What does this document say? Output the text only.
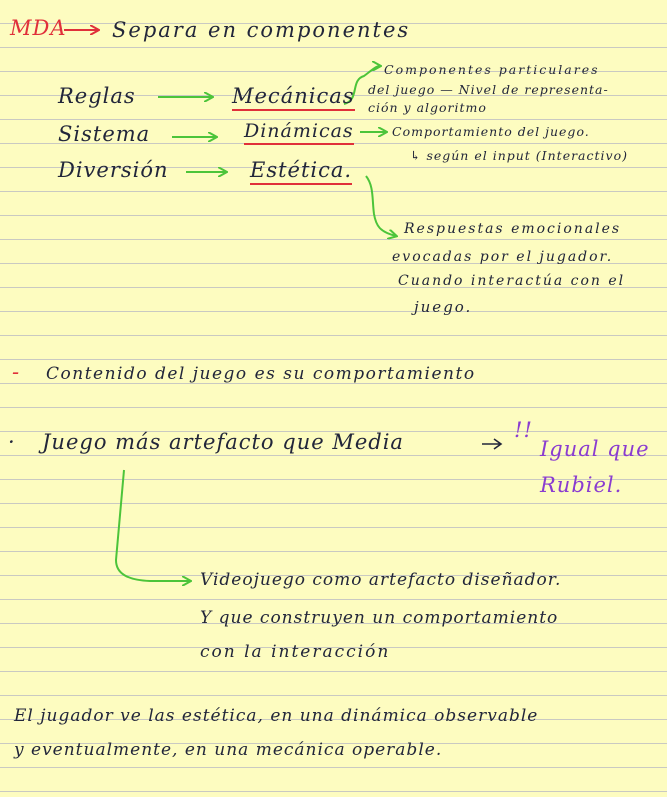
MDA Separa en componentes
Reglas
Sistema
Diversión
Mecánicas
Dinámicas
Estética.
Componentes particulares
del juego — Nivel de representa-
ción y algoritmo
Comportamiento del juego.
↳ según el input (Interactivo)
Respuestas emocionales
evocadas por el jugador.
Cuando interactúa con el
juego.
- Contenido del juego es su comportamiento
· Juego más artefacto que Media	!!
Igual que Rubiel.
Videojuego como artefacto diseñador.
Y que construyen un comportamiento
con la interacción
El jugador ve las estética, en una dinámica observable
y eventualmente, en una mecánica operable.
